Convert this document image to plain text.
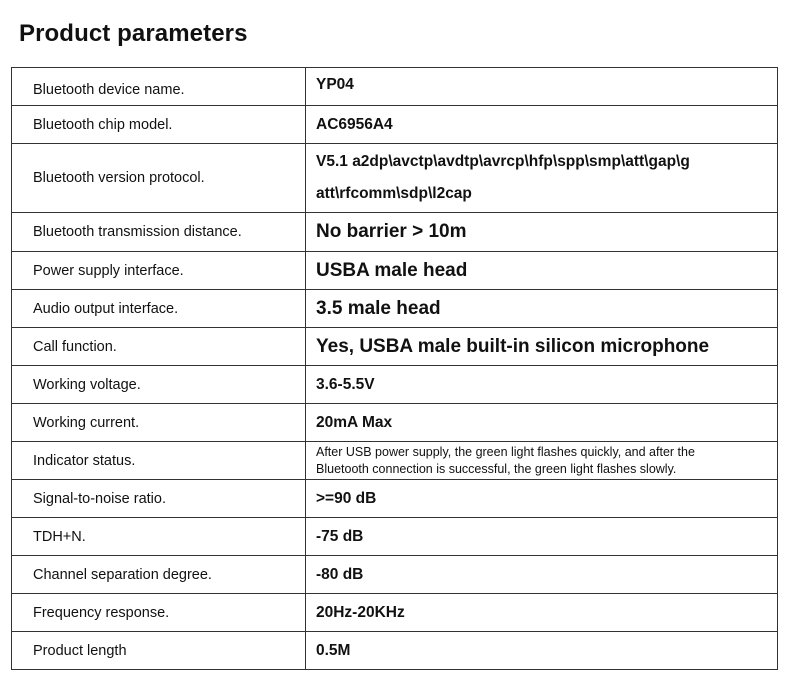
Product parameters
Bluetooth device name.	YP04
Bluetooth chip model.	AC6956A4
Bluetooth version protocol.	V5.1 a2dp\avctp\avdtp\avrcp\hfp\spp\smp\att\gap\g
att\rfcomm\sdp\l2cap

Bluetooth transmission distance.	No barrier > 10m
Power supply interface.	USBA male head
Audio output interface.	3.5 male head
Call function.	Yes, USBA male built-in silicon microphone
Working voltage.	3.6-5.5V
Working current.	20mA Max
Indicator status.	After USB power supply, the green light flashes quickly, and after the
Bluetooth connection is successful, the green light flashes slowly.

Signal-to-noise ratio.	>=90 dB
TDH+N.	-75 dB
Channel separation degree.	-80 dB
Frequency response.	20Hz-20KHz
Product length	0.5M
